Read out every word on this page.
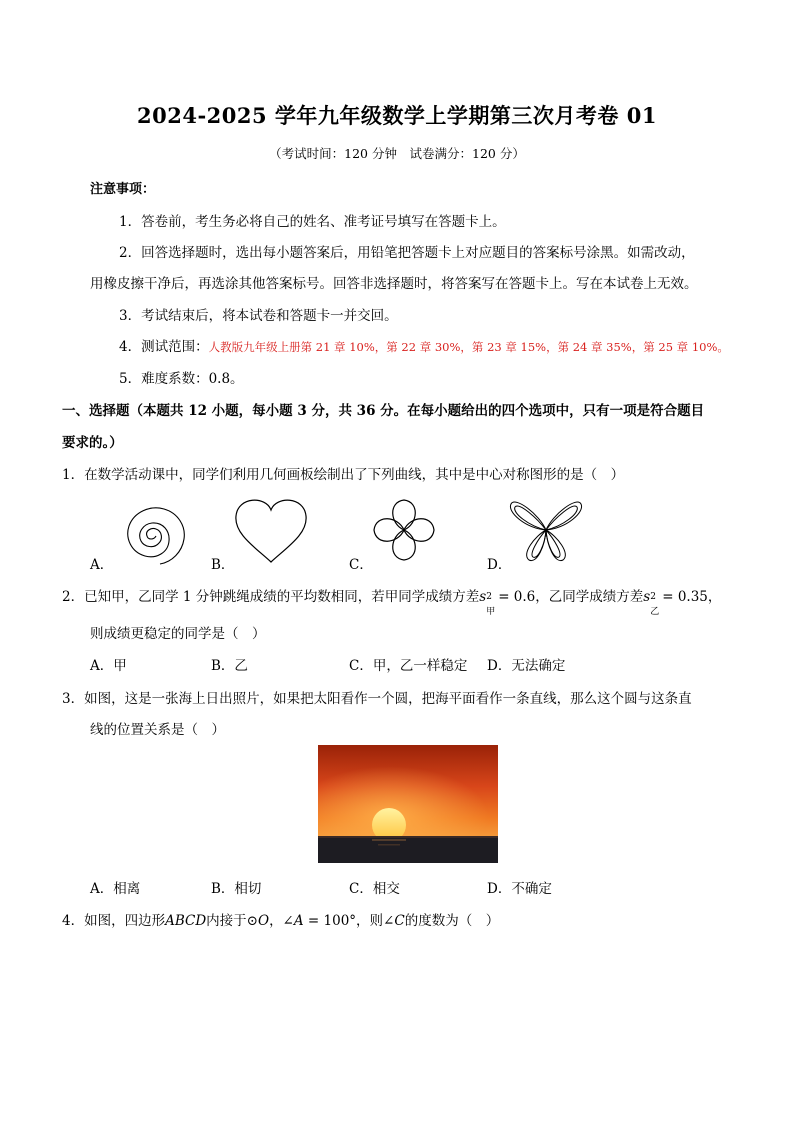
2024-2025 学年九年级数学上学期第三次月考卷 01
（考试时间：120 分钟　试卷满分：120 分）
注意事项：
1．答卷前，考生务必将自己的姓名、准考证号填写在答题卡上。
2．回答选择题时，选出每小题答案后，用铅笔把答题卡上对应题目的答案标号涂黑。如需改动，
用橡皮擦干净后，再选涂其他答案标号。回答非选择题时，将答案写在答题卡上。写在本试卷上无效。
3．考试结束后，将本试卷和答题卡一并交回。
4．测试范围：人教版九年级上册第 21 章 10%，第 22 章 30%，第 23 章 15%，第 24 章 35%，第 25 章 10%。
5．难度系数：0.8。
一、选择题（本题共 12 小题，每小题 3 分，共 36 分。在每小题给出的四个选项中，只有一项是符合题目
要求的。）
1．在数学活动课中，同学们利用几何画板绘制出了下列曲线，其中是中心对称图形的是（　）
A．	B．	C．	D．
2．已知甲，乙同学 1 分钟跳绳成绩的平均数相同，若甲同学成绩方差s 2
甲
= 0.6，乙同学成绩方差s 2
乙
= 0.35，
则成绩更稳定的同学是（　）
A．甲	B．乙	C．甲，乙一样稳定 D．无法确定
3．如图，这是一张海上日出照片，如果把太阳看作一个圆，把海平面看作一条直线，那么这个圆与这条直
线的位置关系是（　）
A．相离	B．相切	C．相交	D．不确定
4．如图，四边形ABCD内接于⊙O，∠A = 100°，则∠C的度数为（　）
